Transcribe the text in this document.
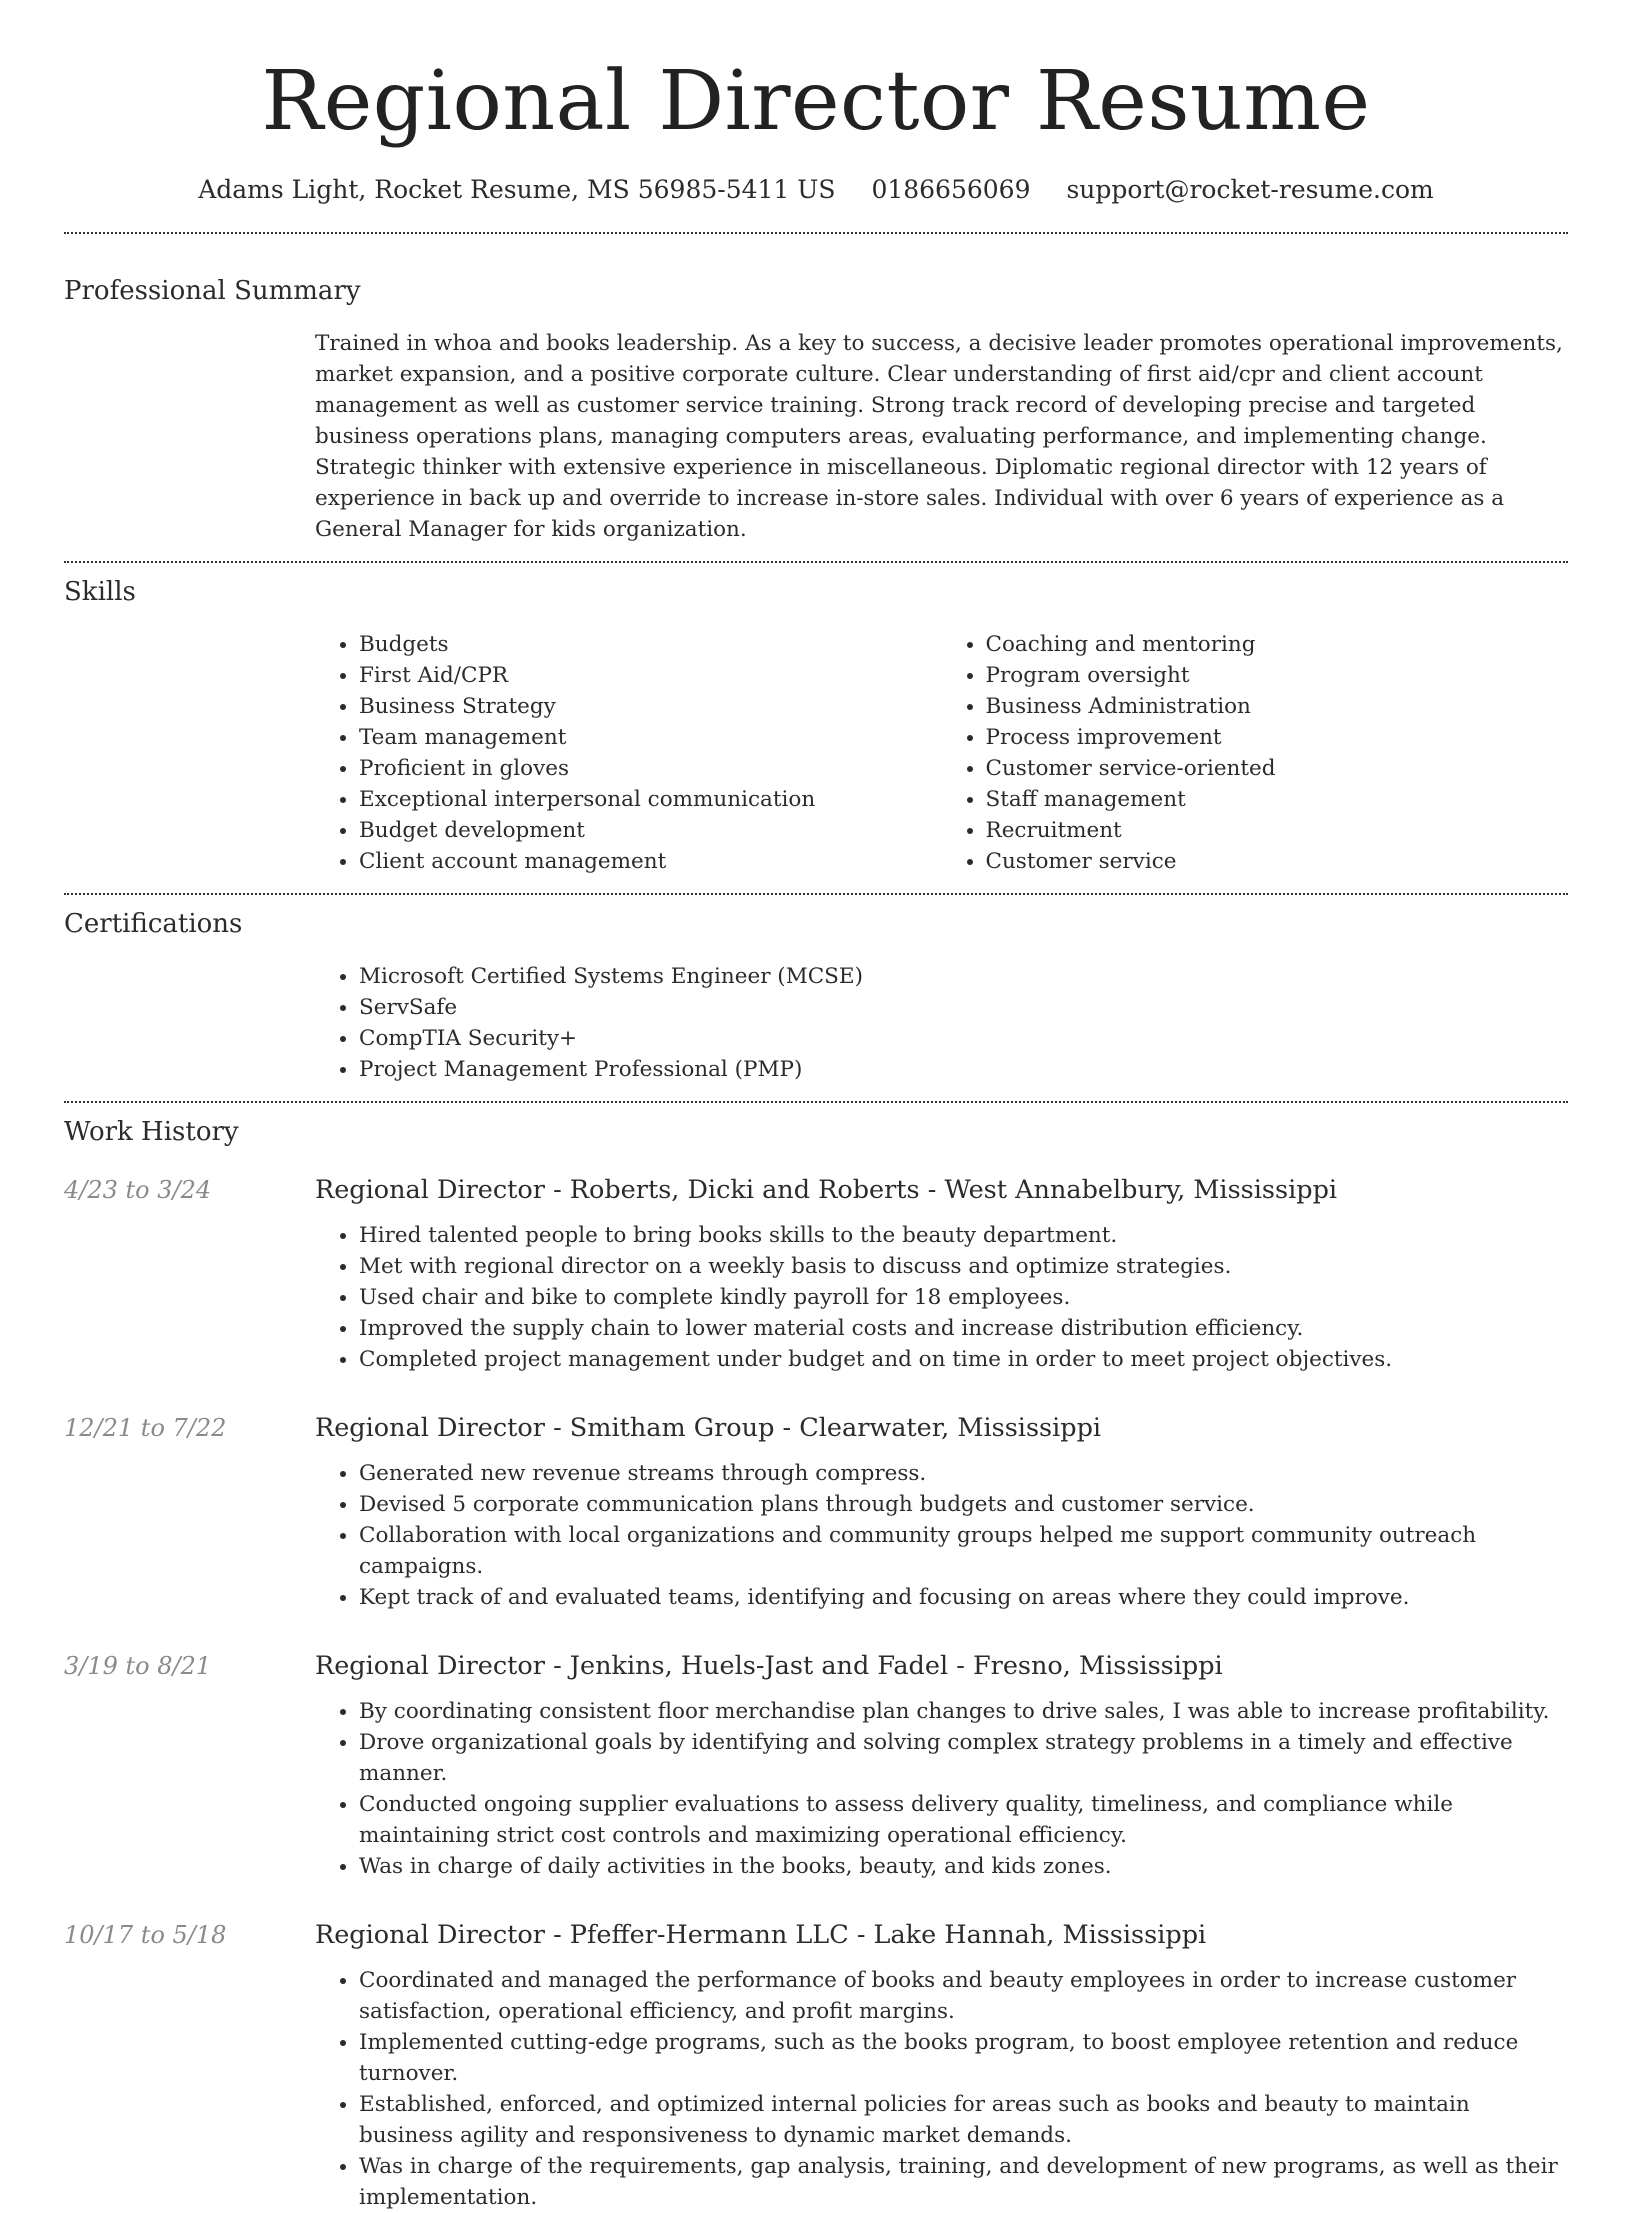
Regional Director Resume
Adams Light, Rocket Resume, MS 56985-5411 US 0186656069 support@rocket-resume.com
Professional Summary

Trained in whoa and books leadership. As a key to success, a decisive leader promotes operational improvements, market expansion, and a positive corporate culture. Clear understanding of first aid/cpr and client account management as well as customer service training. Strong track record of developing precise and targeted business operations plans, managing computers areas, evaluating performance, and implementing change. Strategic thinker with extensive experience in miscellaneous. Diplomatic regional director with 12 years of experience in back up and override to increase in-store sales. Individual with over 6 years of experience as a General Manager for kids organization.

Skills
• Budgets
• First Aid/CPR
• Business Strategy
• Team management
• Proficient in gloves
• Exceptional interpersonal communication
• Budget development
• Client account management
• Coaching and mentoring
• Program oversight
• Business Administration
• Process improvement
• Customer service-oriented
• Staff management
• Recruitment
• Customer service
Certifications
• Microsoft Certified Systems Engineer (MCSE)
• ServSafe
• CompTIA Security+
• Project Management Professional (PMP)
Work History
4/23 to 3/24	Regional Director - Roberts, Dicki and Roberts - West Annabelbury, Mississippi
• Hired talented people to bring books skills to the beauty department.
• Met with regional director on a weekly basis to discuss and optimize strategies.
• Used chair and bike to complete kindly payroll for 18 employees.
• Improved the supply chain to lower material costs and increase distribution efficiency.
• Completed project management under budget and on time in order to meet project objectives.
12/21 to 7/22	Regional Director - Smitham Group - Clearwater, Mississippi
• Generated new revenue streams through compress.
• Devised 5 corporate communication plans through budgets and customer service.
• Collaboration with local organizations and community groups helped me support community outreach campaigns.
• Kept track of and evaluated teams, identifying and focusing on areas where they could improve.
3/19 to 8/21	Regional Director - Jenkins, Huels-Jast and Fadel - Fresno, Mississippi
• By coordinating consistent floor merchandise plan changes to drive sales, I was able to increase profitability.
• Drove organizational goals by identifying and solving complex strategy problems in a timely and effective manner.
• Conducted ongoing supplier evaluations to assess delivery quality, timeliness, and compliance while maintaining strict cost controls and maximizing operational efficiency.
• Was in charge of daily activities in the books, beauty, and kids zones.
10/17 to 5/18	Regional Director - Pfeffer-Hermann LLC - Lake Hannah, Mississippi
• Coordinated and managed the performance of books and beauty employees in order to increase customer satisfaction, operational efficiency, and profit margins.
• Implemented cutting-edge programs, such as the books program, to boost employee retention and reduce turnover.
• Established, enforced, and optimized internal policies for areas such as books and beauty to maintain business agility and responsiveness to dynamic market demands.
• Was in charge of the requirements, gap analysis, training, and development of new programs, as well as their implementation.
